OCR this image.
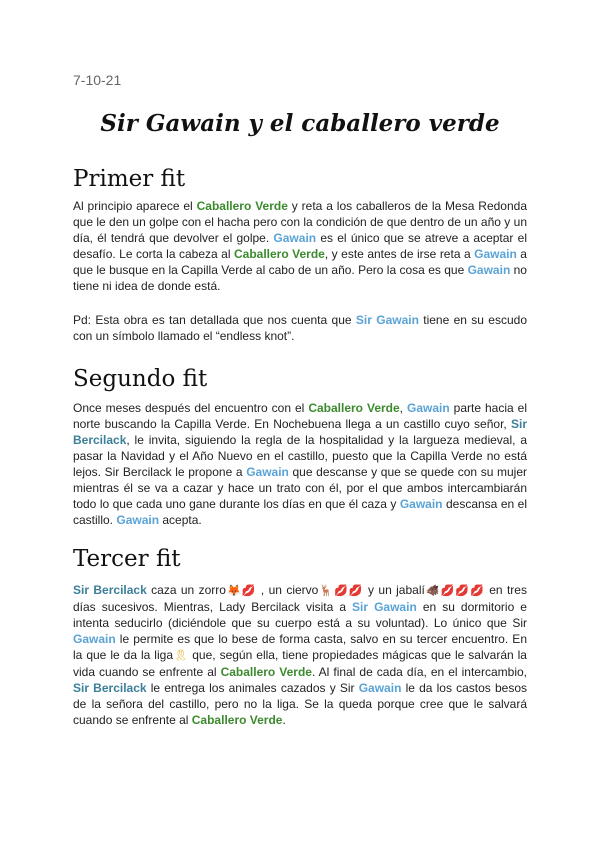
7-10-21
Sir Gawain y el caballero verde
Primer fit

Al principio aparece el Caballero Verde y reta a los caballeros de la Mesa Redonda que le den un golpe con el hacha pero con la condición de que dentro de un año y un día, él tendrá que devolver el golpe. Gawain es el único que se atreve a aceptar el desafío. Le corta la cabeza al Caballero Verde, y este antes de irse reta a Gawain a que le busque en la Capilla Verde al cabo de un año. Pero la cosa es que Gawain no tiene ni idea de donde está.

Pd: Esta obra es tan detallada que nos cuenta que Sir Gawain tiene en su escudo con un símbolo llamado el “endless knot”.

Segundo fit

Once meses después del encuentro con el Caballero Verde, Gawain parte hacia el norte buscando la Capilla Verde. En Nochebuena llega a un castillo cuyo señor, Sir Bercilack, le invita, siguiendo la regla de la hospitalidad y la largueza medieval, a pasar la Navidad y el Año Nuevo en el castillo, puesto que la Capilla Verde no está lejos. Sir Bercilack le propone a Gawain que descanse y que se quede con su mujer mientras él se va a cazar y hace un trato con él, por el que ambos intercambiarán todo lo que cada uno gane durante los días en que él caza y Gawain descansa en el castillo. Gawain acepta.

Tercer fit

Sir Bercilack caza un zorro🦊💋 , un ciervo🦌💋💋 y un jabalí🐗💋💋💋 en tres días sucesivos. Mientras, Lady Bercilack visita a Sir Gawain en su dormitorio e intenta seducirlo (diciéndole que su cuerpo está a su voluntad). Lo único que Sir Gawain le permite es que lo bese de forma casta, salvo en su tercer encuentro. En la que le da la liga🎗 que, según ella, tiene propiedades mágicas que le salvarán la vida cuando se enfrente al Caballero Verde. Al final de cada día, en el intercambio, Sir Bercilack le entrega los animales cazados y Sir Gawain le da los castos besos de la señora del castillo, pero no la liga. Se la queda porque cree que le salvará cuando se enfrente al Caballero Verde.
